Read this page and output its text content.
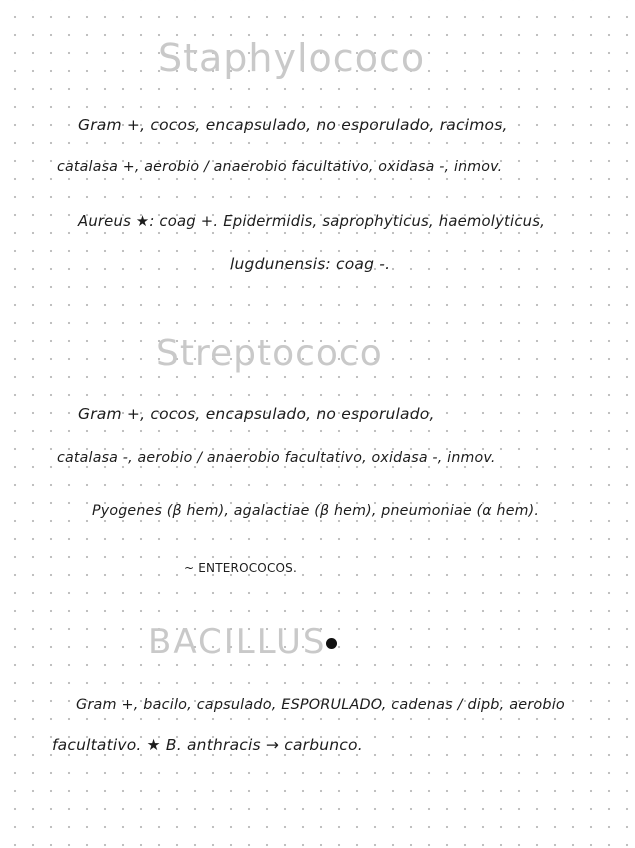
Staphylococo
Gram +, cocos, encapsulado, no esporulado, racimos,
catalasa +, aerobio / anaerobio facultativo, oxidasa -, inmov.
Aureus ★: coag +. Epidermidis, saprophyticus, haemolyticus,
lugdunensis: coag -.
Streptococo
Gram +, cocos, encapsulado, no esporulado,
catalasa -, aerobio / anaerobio facultativo, oxidasa -, inmov.
Pyogenes (β hem), agalactiae (β hem), pneumoniae (α hem).
~ ENTEROCOCOS.
BACILLUS
Gram +, bacilo, capsulado, ESPORULADO, cadenas / dipb, aerobio
facultativo. ★ B. anthracis → carbunco.
